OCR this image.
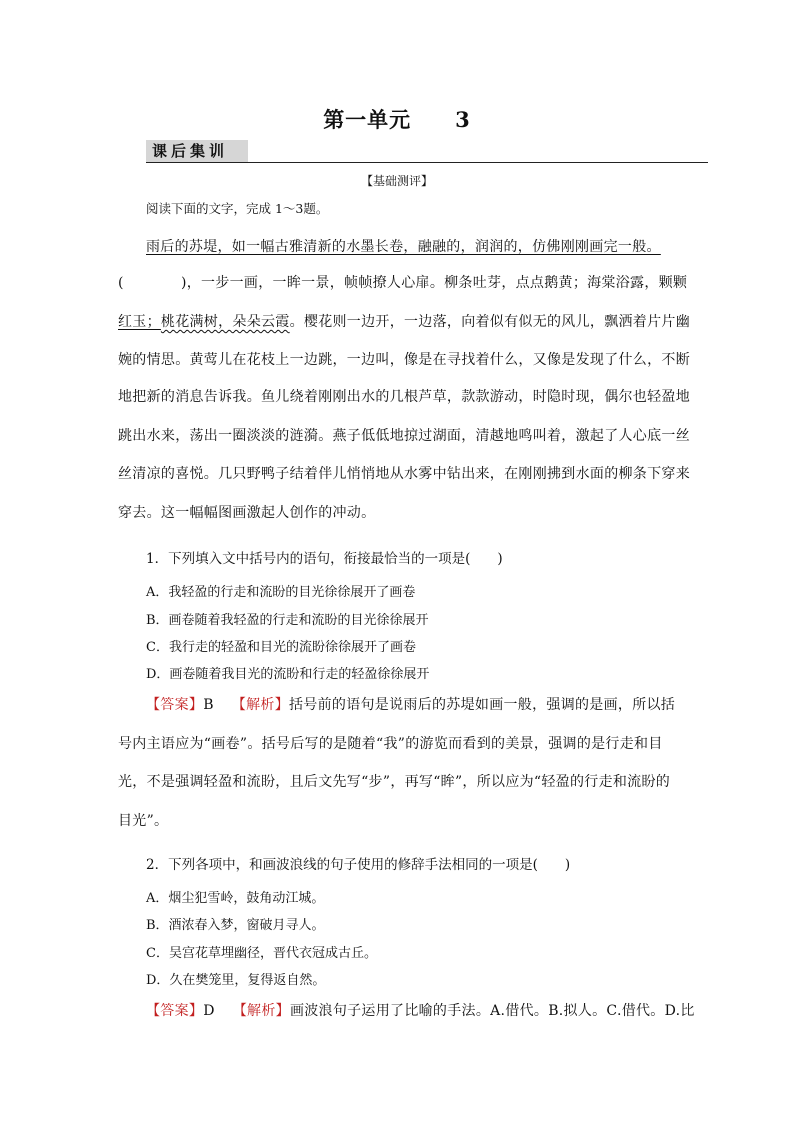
第一单元　　3
课后集训
【基础测评】
阅读下面的文字，完成 1～3题。
雨后的苏堤，如一幅古雅清新的水墨长卷，融融的，润润的，仿佛刚刚画完一般。
(　　　　)，一步一画，一眸一景，帧帧撩人心扉。柳条吐芽，点点鹅黄；海棠浴露，颗颗
红玉；桃花满树，朵朵云霞。樱花则一边开，一边落，向着似有似无的风儿，飘洒着片片幽
婉的情思。黄莺儿在花枝上一边跳，一边叫，像是在寻找着什么，又像是发现了什么，不断
地把新的消息告诉我。鱼儿绕着刚刚出水的几根芦草，款款游动，时隐时现，偶尔也轻盈地
跳出水来，荡出一圈淡淡的涟漪。燕子低低地掠过湖面，清越地鸣叫着，激起了人心底一丝
丝清凉的喜悦。几只野鸭子结着伴儿悄悄地从水雾中钻出来，在刚刚拂到水面的柳条下穿来
穿去。这一幅幅图画激起人创作的冲动。
1．下列填入文中括号内的语句，衔接最恰当的一项是(　　)
A．我轻盈的行走和流盼的目光徐徐展开了画卷
B．画卷随着我轻盈的行走和流盼的目光徐徐展开
C．我行走的轻盈和目光的流盼徐徐展开了画卷
D．画卷随着我目光的流盼和行走的轻盈徐徐展开
【答案】B 【解析】括号前的语句是说雨后的苏堤如画一般，强调的是画，所以括
号内主语应为“画卷”。括号后写的是随着“我”的游览而看到的美景，强调的是行走和目
光，不是强调轻盈和流盼，且后文先写“步”，再写“眸”，所以应为“轻盈的行走和流盼的
目光”。
2．下列各项中，和画波浪线的句子使用的修辞手法相同的一项是(　　)
A．烟尘犯雪岭，鼓角动江城。
B．酒浓春入梦，窗破月寻人。
C．吴宫花草埋幽径，晋代衣冠成古丘。
D．久在樊笼里，复得返自然。
【答案】D 【解析】画波浪句子运用了比喻的手法。A.借代。B.拟人。C.借代。D.比
